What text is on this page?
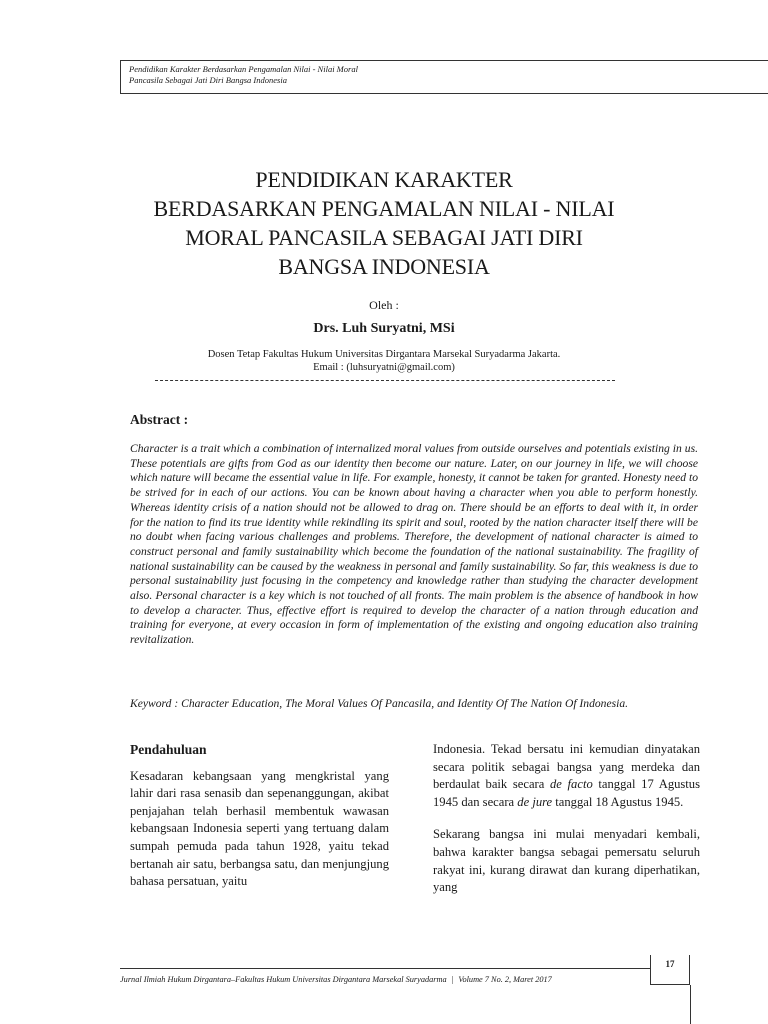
Pendidikan Karakter Berdasarkan Pengamalan Nilai - Nilai Moral
Pancasila Sebagai Jati Diri Bangsa Indonesia
PENDIDIKAN KARAKTER
BERDASARKAN PENGAMALAN NILAI - NILAI
MORAL PANCASILA SEBAGAI JATI DIRI
BANGSA INDONESIA
Oleh :
Drs. Luh Suryatni, MSi
Dosen Tetap Fakultas Hukum Universitas Dirgantara Marsekal Suryadarma Jakarta.
Email : (luhsuryatni@gmail.com)
Abstract :
Character is a trait which a combination of internalized moral values from outside ourselves and potentials existing in us. These potentials are gifts from God as our identity then become our nature. Later, on our journey in life, we will choose which nature will became the essential value in life. For example, honesty, it cannot be taken for granted. Honesty need to be strived for in each of our actions. You can be known about having a character when you able to perform honestly. Whereas identity crisis of a nation should not be allowed to drag on. There should be an efforts to deal with it, in order for the nation to find its true identity while rekindling its spirit and soul, rooted by the nation character itself there will be no doubt when facing various challenges and problems. Therefore, the development of national character is aimed to construct personal and family sustainability which become the foundation of the national sustainability. The fragility of national sustainability can be caused by the weakness in personal and family sustainability. So far, this weakness is due to personal sustainability just focusing in the competency and knowledge rather than studying the character development also. Personal character is a key which is not touched of all fronts. The main problem is the absence of handbook in how to develop a character. Thus, effective effort is required to develop the character of a nation through education and training for everyone, at every occasion in form of implementation of the existing and ongoing education also training revitalization.
Keyword : Character Education, The Moral Values Of Pancasila, and Identity Of The Nation Of Indonesia.
Pendahuluan

Kesadaran kebangsaan yang mengkristal yang lahir dari rasa senasib dan sepenanggungan, akibat penjajahan telah berhasil membentuk wawasan kebangsaan Indonesia seperti yang tertuang dalam sumpah pemuda pada tahun 1928, yaitu tekad bertanah air satu, berbangsa satu, dan menjungjung bahasa persatuan, yaitu

Indonesia. Tekad bersatu ini kemudian dinyatakan secara politik sebagai bangsa yang merdeka dan berdaulat baik secara de facto tanggal 17 Agustus 1945 dan secara de jure tanggal 18 Agustus 1945.

Sekarang bangsa ini mulai menyadari kembali, bahwa karakter bangsa sebagai pemersatu seluruh rakyat ini, kurang dirawat dan kurang diperhatikan, yang

17
Jurnal Ilmiah Hukum Dirgantara–Fakultas Hukum Universitas Dirgantara Marsekal Suryadarma | Volume 7 No. 2, Maret 2017
